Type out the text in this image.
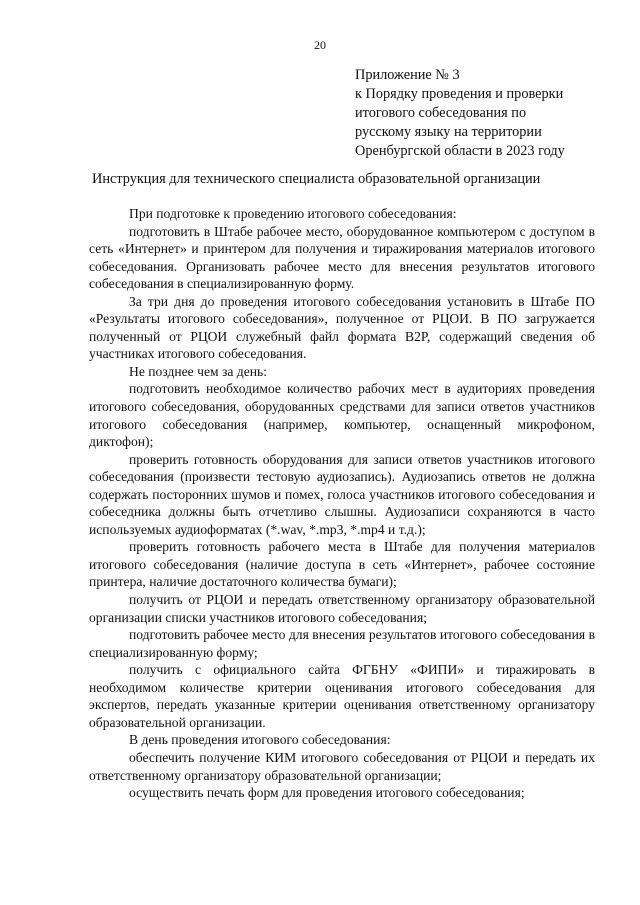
20
Приложение № 3
к Порядку проведения и проверки
итогового собеседования по
русскому языку на территории
Оренбургской области в 2023 году
Инструкция для технического специалиста образовательной организации

При подготовке к проведению итогового собеседования:

подготовить в Штабе рабочее место, оборудованное компьютером с доступом в сеть «Интернет» и принтером для получения и тиражирования материалов итогового собеседования. Организовать рабочее место для внесения результатов итогового собеседования в специализированную форму.

За три дня до проведения итогового собеседования установить в Штабе ПО «Результаты итогового собеседования», полученное от РЦОИ. В ПО загружается полученный от РЦОИ служебный файл формата B2P, содержащий сведения об участниках итогового собеседования.

Не позднее чем за день:

подготовить необходимое количество рабочих мест в аудиториях проведения итогового собеседования, оборудованных средствами для записи ответов участников итогового собеседования (например, компьютер, оснащенный микрофоном, диктофон);

проверить готовность оборудования для записи ответов участников итогового собеседования (произвести тестовую аудиозапись). Аудиозапись ответов не должна содержать посторонних шумов и помех, голоса участников итогового собеседования и собеседника должны быть отчетливо слышны. Аудиозаписи сохраняются в часто используемых аудиоформатах (*.wav, *.mp3, *.mp4 и т.д.);

проверить готовность рабочего места в Штабе для получения материалов итогового собеседования (наличие доступа в сеть «Интернет», рабочее состояние принтера, наличие достаточного количества бумаги);

получить от РЦОИ и передать ответственному организатору образовательной организации списки участников итогового собеседования;

подготовить рабочее место для внесения результатов итогового собеседования в специализированную форму;

получить с официального сайта ФГБНУ «ФИПИ» и тиражировать в необходимом количестве критерии оценивания итогового собеседования для экспертов, передать указанные критерии оценивания ответственному организатору образовательной организации.

В день проведения итогового собеседования:

обеспечить получение КИМ итогового собеседования от РЦОИ и передать их ответственному организатору образовательной организации;

осуществить печать форм для проведения итогового собеседования;
